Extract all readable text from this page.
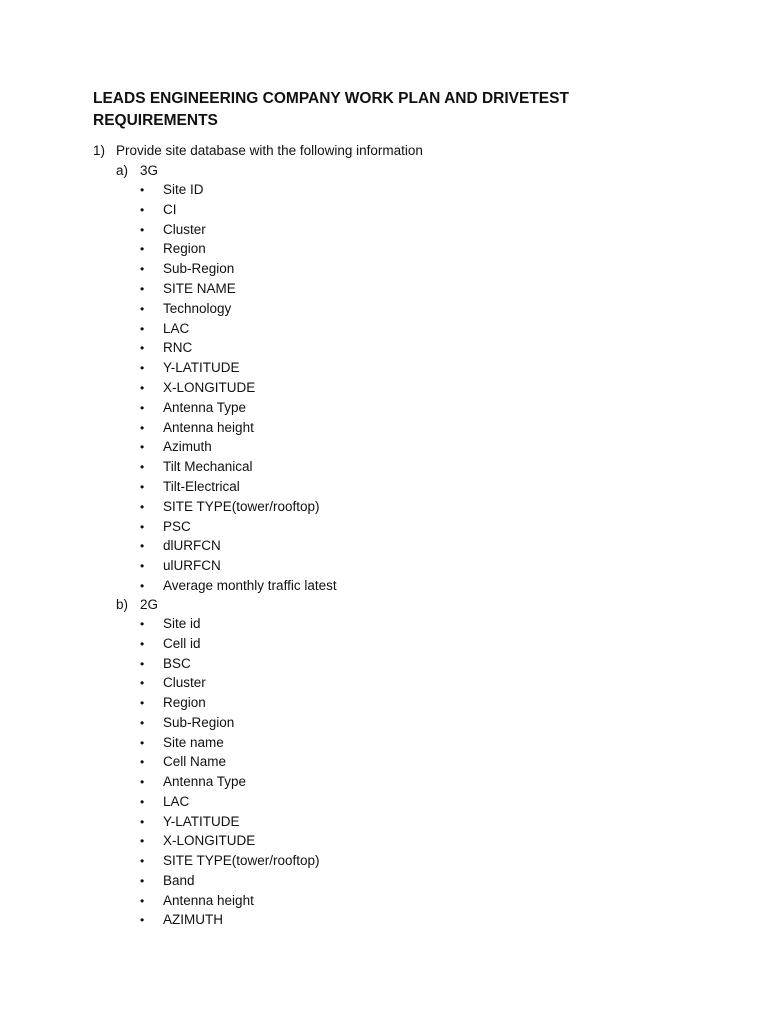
LEADS ENGINEERING COMPANY WORK PLAN AND DRIVETEST REQUIREMENTS
1) Provide site database with the following information
a) 3G
• Site ID
• CI
• Cluster
• Region
• Sub-Region
• SITE NAME
• Technology
• LAC
• RNC
• Y-LATITUDE
• X-LONGITUDE
• Antenna Type
• Antenna height
• Azimuth
• Tilt Mechanical
• Tilt-Electrical
• SITE TYPE(tower/rooftop)
• PSC
• dlURFCN
• ulURFCN
• Average monthly traffic latest
b) 2G
• Site id
• Cell id
• BSC
• Cluster
• Region
• Sub-Region
• Site name
• Cell Name
• Antenna Type
• LAC
• Y-LATITUDE
• X-LONGITUDE
• SITE TYPE(tower/rooftop)
• Band
• Antenna height
• AZIMUTH
